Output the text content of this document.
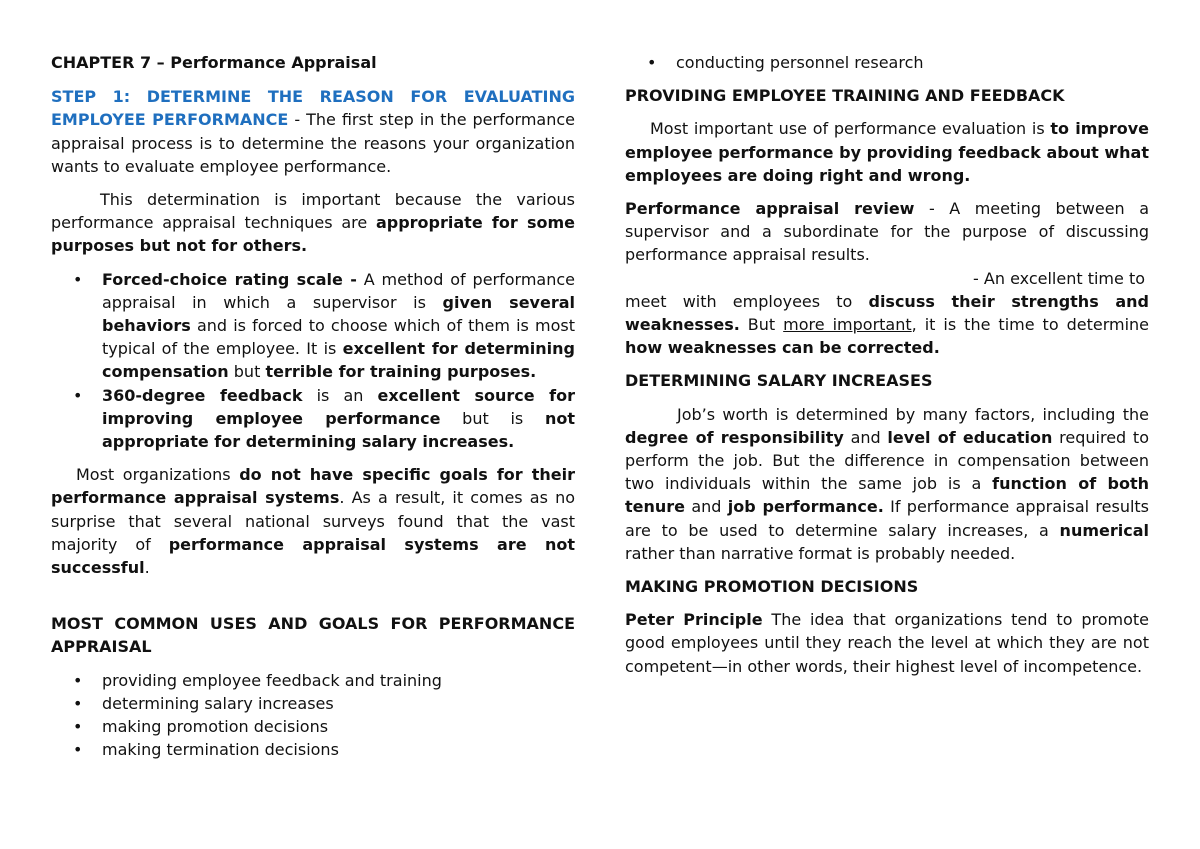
CHAPTER 7 – Performance Appraisal

STEP 1: DETERMINE THE REASON FOR EVALUATING EMPLOYEE PERFORMANCE - The first step in the performance appraisal process is to determine the reasons your organization wants to evaluate employee performance.

This determination is important because the various performance appraisal techniques are appropriate for some purposes but not for others.

• Forced-choice rating scale - A method of performance appraisal in which a supervisor is given several behaviors and is forced to choose which of them is most typical of the employee. It is excellent for determining compensation but terrible for training purposes.
• 360-degree feedback is an excellent source for improving employee performance but is not appropriate for determining salary increases.

Most organizations do not have specific goals for their performance appraisal systems. As a result, it comes as no surprise that several national surveys found that the vast majority of performance appraisal systems are not successful.

MOST COMMON USES AND GOALS FOR PERFORMANCE APPRAISAL

• providing employee feedback and training
• determining salary increases
• making promotion decisions
• making termination decisions
• conducting personnel research

PROVIDING EMPLOYEE TRAINING AND FEEDBACK

Most important use of performance evaluation is to improve employee performance by providing feedback about what employees are doing right and wrong.

Performance appraisal review - A meeting between a supervisor and a subordinate for the purpose of discussing performance appraisal results.

- An excellent time to

meet with employees to discuss their strengths and weaknesses. But more important, it is the time to determine how weaknesses can be corrected.

DETERMINING SALARY INCREASES

Job’s worth is determined by many factors, including the degree of responsibility and level of education required to perform the job. But the difference in compensation between two individuals within the same job is a function of both tenure and job performance. If performance appraisal results are to be used to determine salary increases, a numerical rather than narrative format is probably needed.

MAKING PROMOTION DECISIONS

Peter Principle The idea that organizations tend to promote good employees until they reach the level at which they are not competent—in other words, their highest level of incompetence.
